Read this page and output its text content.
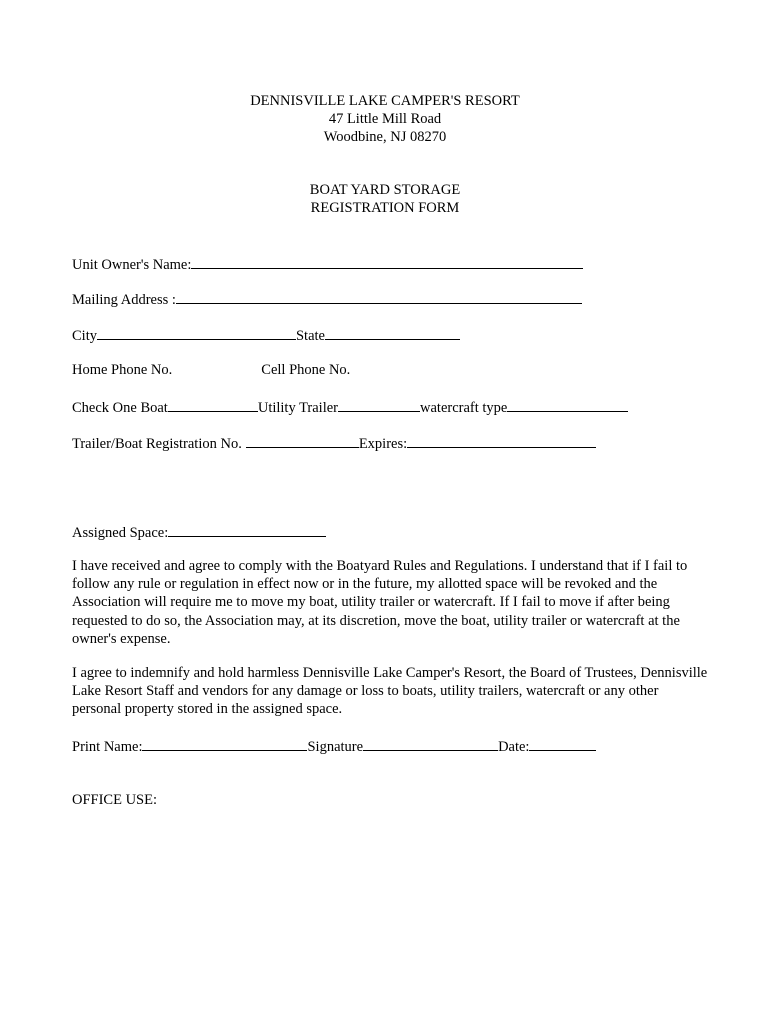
DENNISVILLE LAKE CAMPER'S RESORT
47 Little Mill Road
Woodbine, NJ 08270
BOAT YARD STORAGE
REGISTRATION FORM
Unit Owner's Name:
Mailing Address :
City	State
Home Phone No.	Cell Phone No.
Check One Boat	Utility Trailer	watercraft type
Trailer/Boat Registration No.	Expires:
Assigned Space:
I have received and agree to comply with the Boatyard Rules and Regulations. I understand that if I fail to follow any rule or regulation in effect now or in the future, my allotted space will be revoked and the Association will require me to move my boat, utility trailer or watercraft. If I fail to move if after being requested to do so, the Association may, at its discretion, move the boat, utility trailer or watercraft at the owner's expense.
I agree to indemnify and hold harmless Dennisville Lake Camper's Resort, the Board of Trustees, Dennisville Lake Resort Staff and vendors for any damage or loss to boats, utility trailers, watercraft or any other personal property stored in the assigned space.
Print Name:	Signature	Date:
OFFICE USE:
